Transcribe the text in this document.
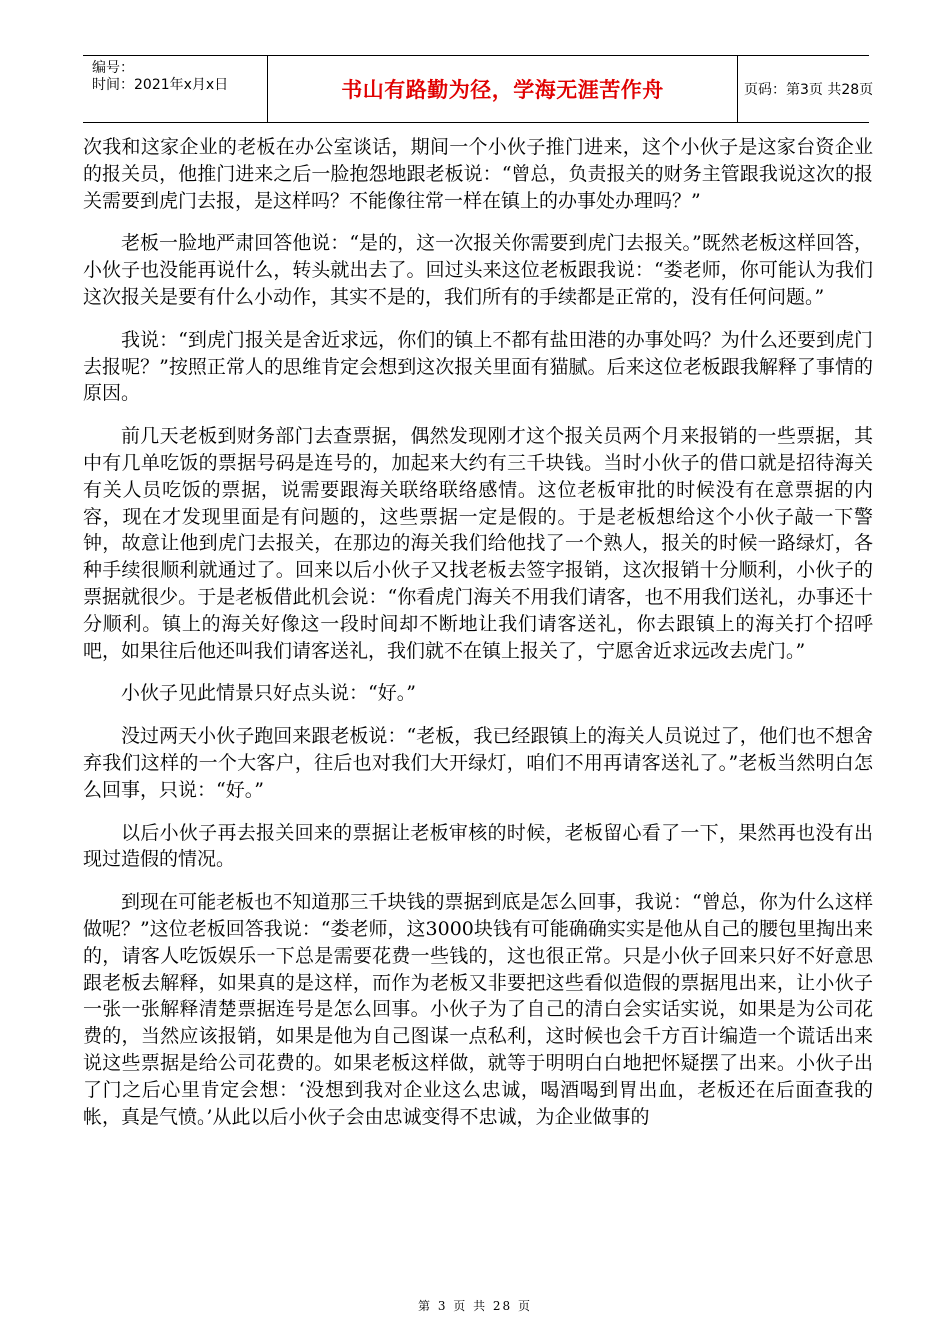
编号：
时间：2021年x月x日	书山有路勤为径，学海无涯苦作舟	页码：第3页 共28页

次我和这家企业的老板在办公室谈话，期间一个小伙子推门进来，这个小伙子是这家台资企业的报关员，他推门进来之后一脸抱怨地跟老板说：“曾总，负责报关的财务主管跟我说这次的报关需要到虎门去报，是这样吗？不能像往常一样在镇上的办事处办理吗？”

老板一脸地严肃回答他说：“是的，这一次报关你需要到虎门去报关。”既然老板这样回答，小伙子也没能再说什么，转头就出去了。回过头来这位老板跟我说：“娄老师，你可能认为我们这次报关是要有什么小动作，其实不是的，我们所有的手续都是正常的，没有任何问题。”

我说：“到虎门报关是舍近求远，你们的镇上不都有盐田港的办事处吗？为什么还要到虎门去报呢？”按照正常人的思维肯定会想到这次报关里面有猫腻。后来这位老板跟我解释了事情的原因。

前几天老板到财务部门去查票据，偶然发现刚才这个报关员两个月来报销的一些票据，其中有几单吃饭的票据号码是连号的，加起来大约有三千块钱。当时小伙子的借口就是招待海关有关人员吃饭的票据，说需要跟海关联络联络感情。这位老板审批的时候没有在意票据的内容，现在才发现里面是有问题的，这些票据一定是假的。于是老板想给这个小伙子敲一下警钟，故意让他到虎门去报关，在那边的海关我们给他找了一个熟人，报关的时候一路绿灯，各种手续很顺利就通过了。回来以后小伙子又找老板去签字报销，这次报销十分顺利，小伙子的票据就很少。于是老板借此机会说：“你看虎门海关不用我们请客，也不用我们送礼，办事还十分顺利。镇上的海关好像这一段时间却不断地让我们请客送礼，你去跟镇上的海关打个招呼吧，如果往后他还叫我们请客送礼，我们就不在镇上报关了，宁愿舍近求远改去虎门。”

小伙子见此情景只好点头说：“好。”

没过两天小伙子跑回来跟老板说：“老板，我已经跟镇上的海关人员说过了，他们也不想舍弃我们这样的一个大客户，往后也对我们大开绿灯，咱们不用再请客送礼了。”老板当然明白怎么回事，只说：“好。”

以后小伙子再去报关回来的票据让老板审核的时候，老板留心看了一下，果然再也没有出现过造假的情况。

到现在可能老板也不知道那三千块钱的票据到底是怎么回事，我说：“曾总，你为什么这样做呢？”这位老板回答我说：“娄老师，这3000块钱有可能确确实实是他从自己的腰包里掏出来的，请客人吃饭娱乐一下总是需要花费一些钱的，这也很正常。只是小伙子回来只好不好意思跟老板去解释，如果真的是这样，而作为老板又非要把这些看似造假的票据甩出来，让小伙子一张一张解释清楚票据连号是怎么回事。小伙子为了自己的清白会实话实说，如果是为公司花费的，当然应该报销，如果是他为自己图谋一点私利，这时候也会千方百计编造一个谎话出来说这些票据是给公司花费的。如果老板这样做，就等于明明白白地把怀疑摆了出来。小伙子出了门之后心里肯定会想：‘没想到我对企业这么忠诚，喝酒喝到胃出血，老板还在后面查我的帐，真是气愤。’从此以后小伙子会由忠诚变得不忠诚，为企业做事的

第 3 页 共 28 页
